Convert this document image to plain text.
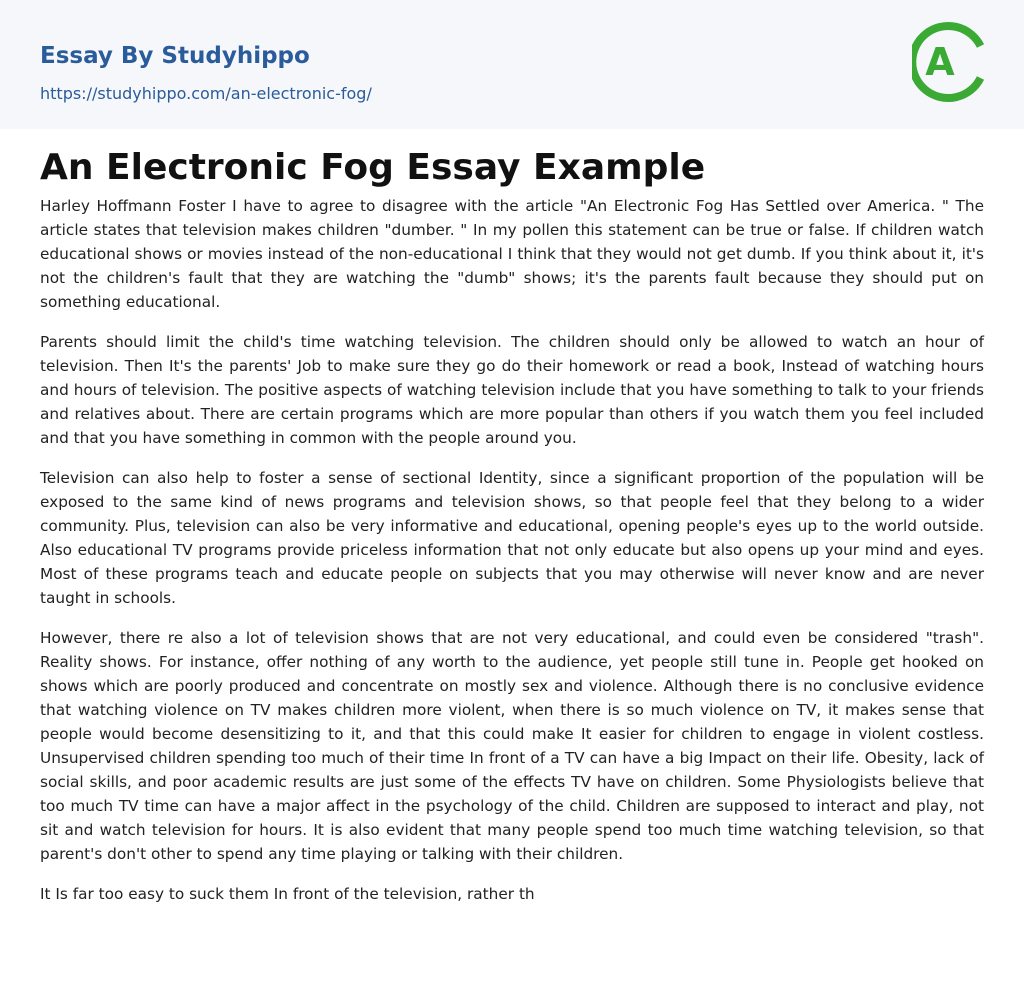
Essay By Studyhippo
https://studyhippo.com/an-electronic-fog/
A
An Electronic Fog Essay Example

Harley Hoffmann Foster I have to agree to disagree with the article "An Electronic Fog Has Settled over America. " The article states that television makes children "dumber. " In my pollen this statement can be true or false. If children watch educational shows or movies instead of the non-educational I think that they would not get dumb. If you think about it, it's not the children's fault that they are watching the "dumb" shows; it's the parents fault because they should put on something educational.

Parents should limit the child's time watching television. The children should only be allowed to watch an hour of television. Then It's the parents' Job to make sure they go do their homework or read a book, Instead of watching hours and hours of television. The positive aspects of watching television include that you have something to talk to your friends and relatives about. There are certain programs which are more popular than others if you watch them you feel included and that you have something in common with the people around you.

Television can also help to foster a sense of sectional Identity, since a significant proportion of the population will be exposed to the same kind of news programs and television shows, so that people feel that they belong to a wider community. Plus, television can also be very informative and educational, opening people's eyes up to the world outside. Also educational TV programs provide priceless information that not only educate but also opens up your mind and eyes. Most of these programs teach and educate people on subjects that you may otherwise will never know and are never taught in schools.

However, there re also a lot of television shows that are not very educational, and could even be considered "trash". Reality shows. For instance, offer nothing of any worth to the audience, yet people still tune in. People get hooked on shows which are poorly produced and concentrate on mostly sex and violence. Although there is no conclusive evidence that watching violence on TV makes children more violent, when there is so much violence on TV, it makes sense that people would become desensitizing to it, and that this could make It easier for children to engage in violent costless. Unsupervised children spending too much of their time In front of a TV can have a big Impact on their life. Obesity, lack of social skills, and poor academic results are just some of the effects TV have on children. Some Physiologists believe that too much TV time can have a major affect in the psychology of the child. Children are supposed to interact and play, not sit and watch television for hours. It is also evident that many people spend too much time watching television, so that parent's don't other to spend any time playing or talking with their children.

It Is far too easy to suck them In front of the television, rather th
